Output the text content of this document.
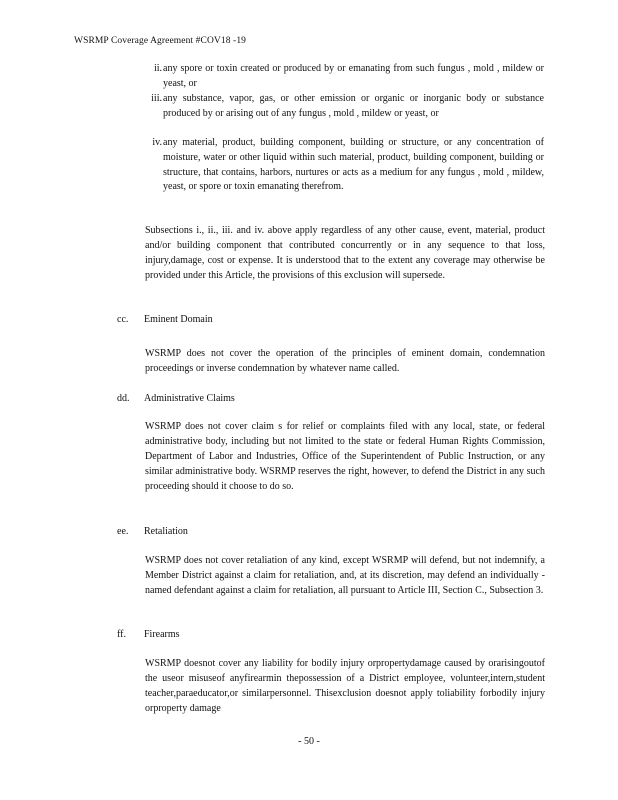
WSRMP Coverage Agreement #COV18 -19
ii. any spore or toxin created or produced by or emanating from such fungus , mold , mildew or yeast, or
iii. any substance, vapor, gas, or other emission or organic or inorganic body or substance produced by or arising out of any fungus , mold , mildew or yeast, or
iv. any material, product, building component, building or structure, or any concentration of moisture, water or other liquid within such material, product, building component, building or structure, that contains, harbors, nurtures or acts as a medium for any fungus , mold , mildew, yeast, or spore or toxin emanating therefrom.
Subsections i., ii., iii. and iv. above apply regardless of any other cause, event, material, product and/or building component that contributed concurrently or in any sequence to that loss, injury,damage, cost or expense. It is understood that to the extent any coverage may otherwise be provided under this Article, the provisions of this exclusion will supersede.
cc. Eminent Domain
WSRMP does not cover the operation of the principles of eminent domain, condemnation proceedings or inverse condemnation by whatever name called.
dd. Administrative Claims
WSRMP does not cover claim s for relief or complaints filed with any local, state, or federal administrative body, including but not limited to the state or federal Human Rights Commission, Department of Labor and Industries, Office of the Superintendent of Public Instruction, or any similar administrative body. WSRMP reserves the right, however, to defend the District in any such proceeding should it choose to do so.
ee. Retaliation
WSRMP does not cover retaliation of any kind, except WSRMP will defend, but not indemnify, a Member District against a claim for retaliation, and, at its discretion, may defend an individually -named defendant against a claim for retaliation, all pursuant to Article III, Section C., Subsection 3.
ff. Firearms
WSRMP doesnot cover any liability for bodily injury orpropertydamage caused by orarisingoutof the useor misuseof anyfirearmin thepossession of a District employee, volunteer,intern,student teacher,paraeducator,or similarpersonnel. Thisexclusion doesnot apply toliability forbodily injury orproperty damage
- 50 -
